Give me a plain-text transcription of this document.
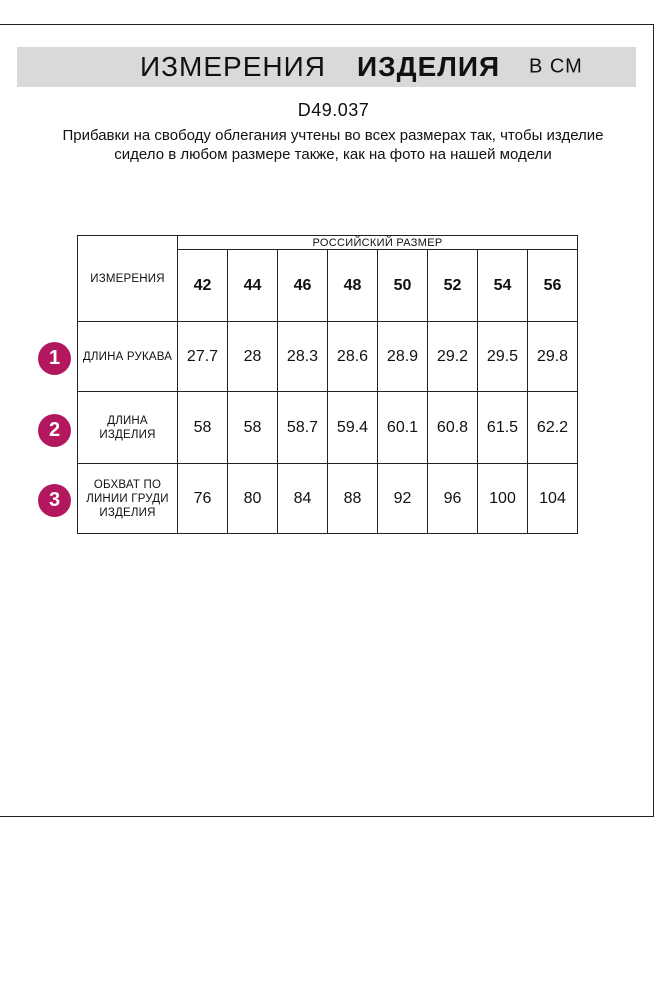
ИЗМЕРЕНИЯ ИЗДЕЛИЯ В СМ
D49.037
Прибавки на свободу облегания учтены во всех размерах так, чтобы изделие сидело в любом размере также, как на фото на нашей модели
ИЗМЕРЕНИЯ	РОССИЙСКИЙ РАЗМЕР							
	42	44	46	48	50	52	54	56
ДЛИНА РУКАВА	27.7	28	28.3	28.6	28.9	29.2	29.5	29.8
ДЛИНА ИЗДЕЛИЯ	58	58	58.7	59.4	60.1	60.8	61.5	62.2
ОБХВАТ ПО ЛИНИИ ГРУДИ ИЗДЕЛИЯ	76	80	84	88	92	96	100	104
1
2
3
